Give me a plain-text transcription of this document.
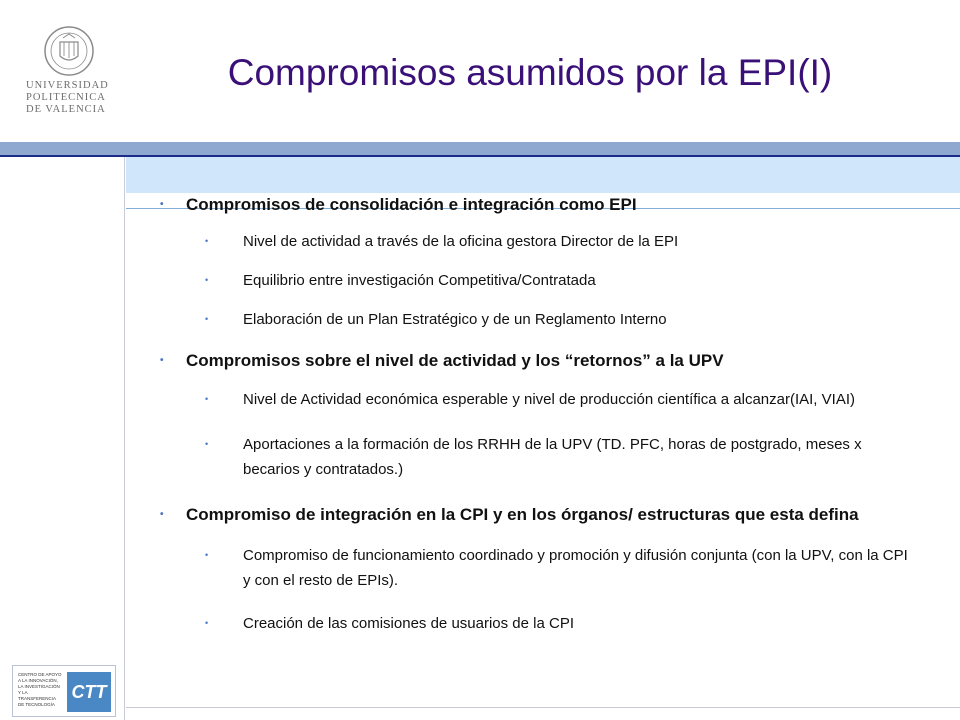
UNIVERSIDAD
POLITECNICA
DE VALENCIA
Compromisos asumidos por la EPI(I)
• Compromisos de consolidación e integración como EPI
• Nivel de actividad a través de la oficina gestora Director de la EPI
• Equilibrio entre investigación Competitiva/Contratada
• Elaboración de un Plan Estratégico y de un Reglamento Interno
• Compromisos sobre el nivel de actividad y los “retornos” a la UPV
• Nivel de Actividad económica esperable y nivel de producción científica a alcanzar(IAI, VIAI)
• Aportaciones a la formación de los RRHH de la UPV (TD. PFC, horas de postgrado, meses x becarios y contratados.)
• Compromiso de integración en la CPI y en los órganos/ estructuras que esta defina
• Compromiso de funcionamiento coordinado y promoción y difusión conjunta (con la UPV, con la CPI y con el resto de EPIs).
• Creación de las comisiones de usuarios de la CPI
CENTRO DE APOYO
A LA INNOVACIÓN,
LA INVESTIGACIÓN
Y LA TRANSFERENCIA
DE TECNOLOGÍA
CTT
